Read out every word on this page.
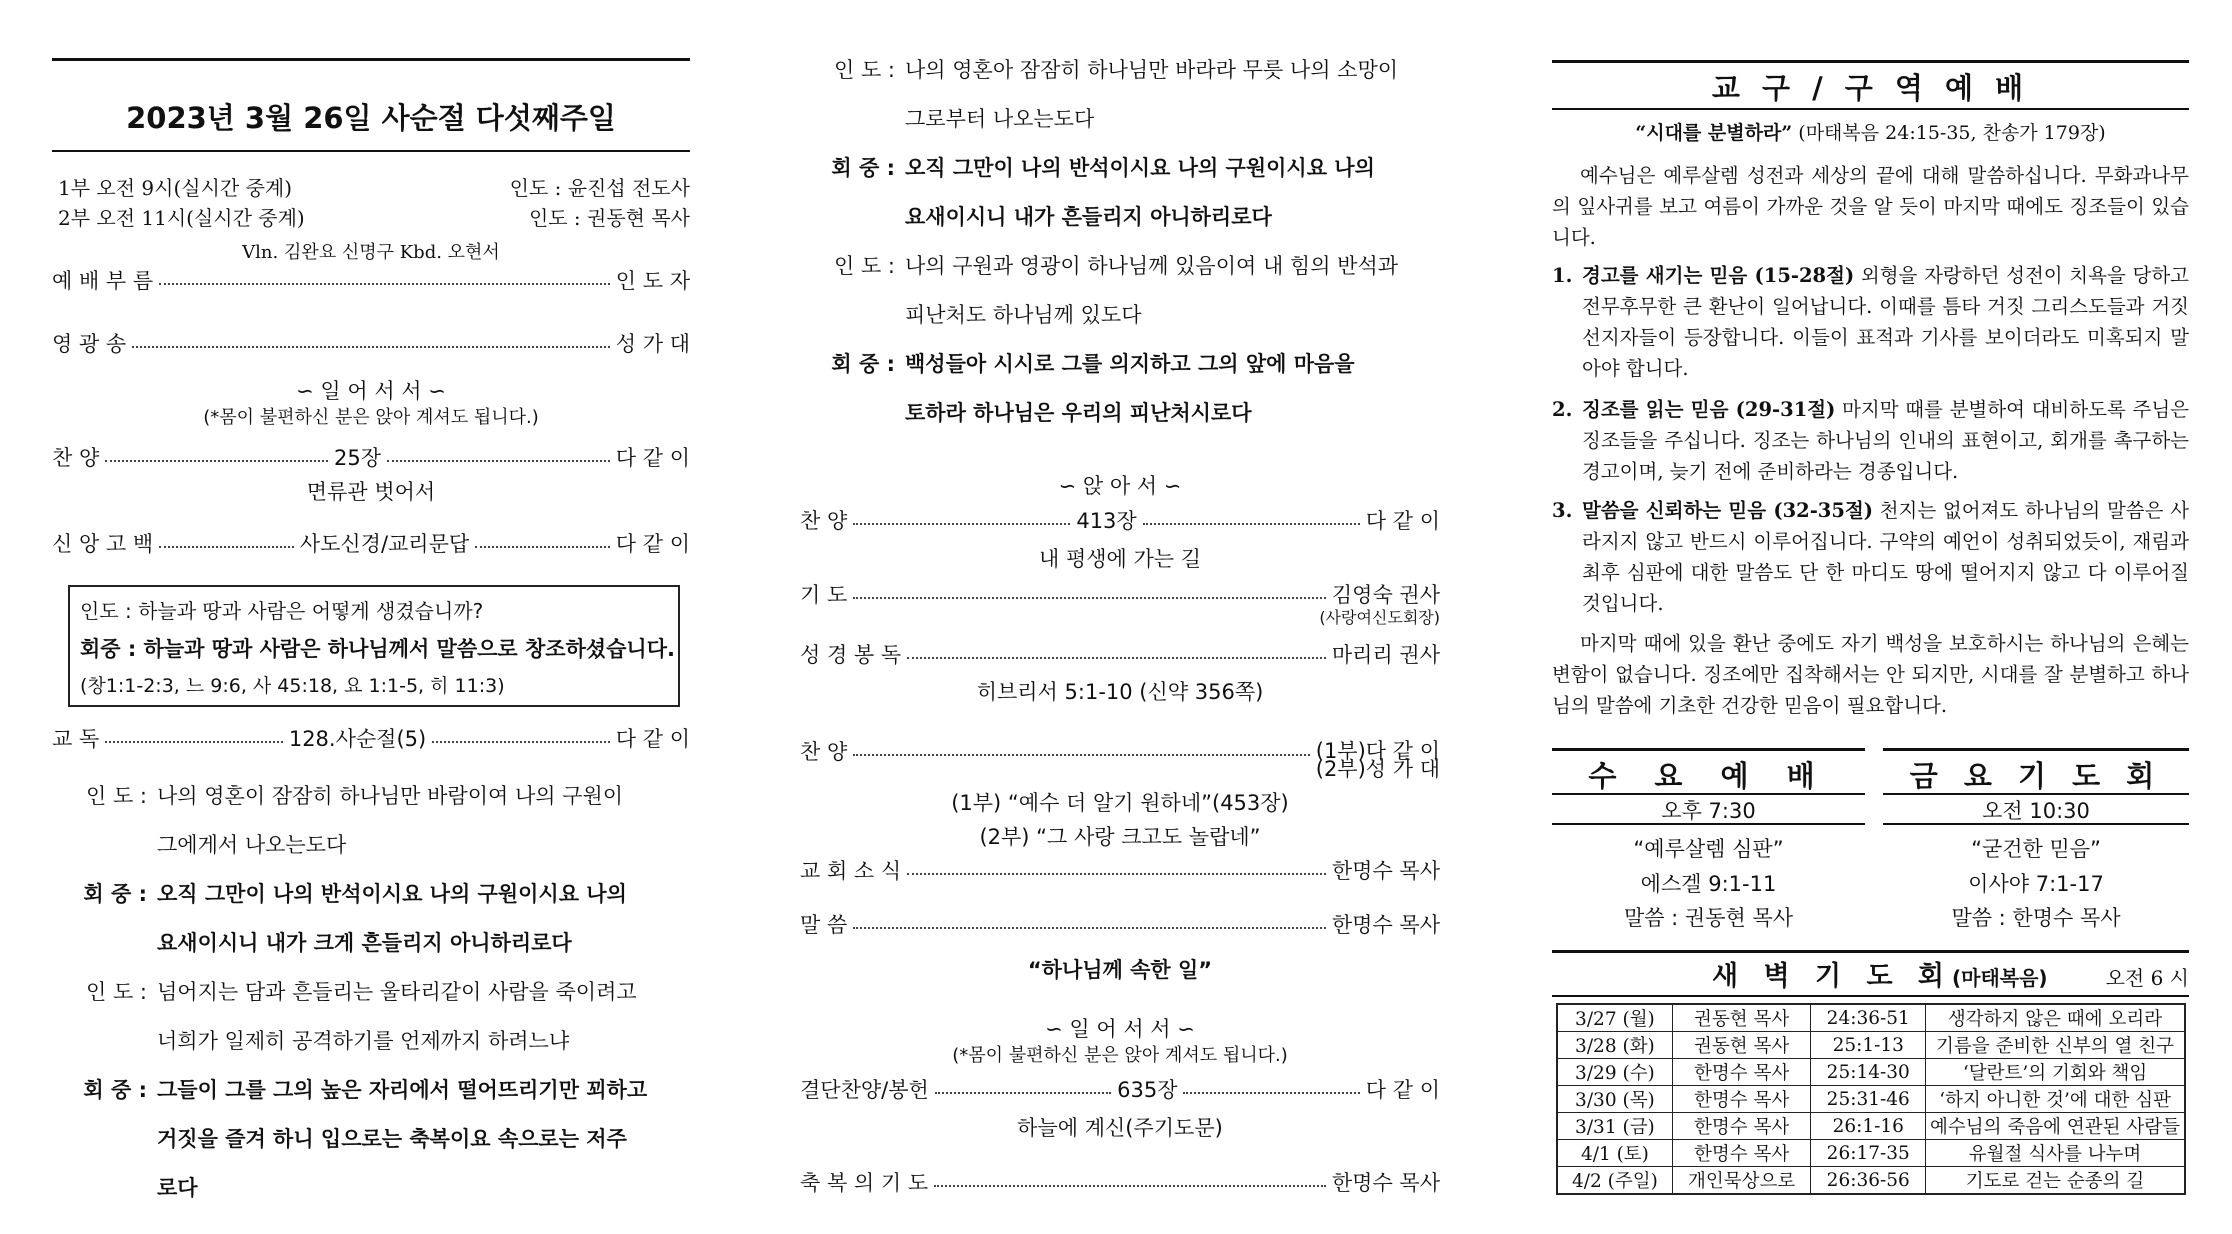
2023년 3월 26일 사순절 다섯째주일
1부 오전 9시(실시간 중계)	인도 : 윤진섭 전도사
2부 오전 11시(실시간 중계)	인도 : 권동현 목사
Vln. 김완요 신명구 Kbd. 오현서
예 배 부 름	인 도 자
영 광 송	성 가 대
∽ 일 어 서 서 ∽
(*몸이 불편하신 분은 앉아 계셔도 됩니다.)
찬 양	25장	다 같 이
면류관 벗어서
신 앙 고 백	사도신경/교리문답	다 같 이
인도 : 하늘과 땅과 사람은 어떻게 생겼습니까?
회중 : 하늘과 땅과 사람은 하나님께서 말씀으로 창조하셨습니다.
(창1:1-2:3, 느 9:6, 사 45:18, 요 1:1-5, 히 11:3)
교 독	128.사순절(5)	다 같 이
인 도 : 나의 영혼이 잠잠히 하나님만 바람이여 나의 구원이
그에게서 나오는도다
회 중 : 오직 그만이 나의 반석이시요 나의 구원이시요 나의
요새이시니 내가 크게 흔들리지 아니하리로다
인 도 : 넘어지는 담과 흔들리는 울타리같이 사람을 죽이려고
너희가 일제히 공격하기를 언제까지 하려느냐
회 중 : 그들이 그를 그의 높은 자리에서 떨어뜨리기만 꾀하고
거짓을 즐겨 하니 입으로는 축복이요 속으로는 저주
로다
인 도 : 나의 영혼아 잠잠히 하나님만 바라라 무릇 나의 소망이
그로부터 나오는도다
회 중 : 오직 그만이 나의 반석이시요 나의 구원이시요 나의
요새이시니 내가 흔들리지 아니하리로다
인 도 : 나의 구원과 영광이 하나님께 있음이여 내 힘의 반석과
피난처도 하나님께 있도다
회 중 : 백성들아 시시로 그를 의지하고 그의 앞에 마음을
토하라 하나님은 우리의 피난처시로다
∽ 앉 아 서 ∽
찬 양	413장	다 같 이
내 평생에 가는 길
기 도	김영숙 권사
(사랑여신도회장)
성 경 봉 독	마리리 권사
히브리서 5:1-10 (신약 356쪽)
찬 양	(1부)다 같 이
(2부)성 가 대
(1부) “예수 더 알기 원하네”(453장)
(2부) “그 사랑 크고도 놀랍네”
교 회 소 식	한명수 목사
말 씀	한명수 목사
“하나님께 속한 일”
∽ 일 어 서 서 ∽
(*몸이 불편하신 분은 앉아 계셔도 됩니다.)
결단찬양/봉헌	635장	다 같 이
하늘에 계신(주기도문)
축 복 의 기 도	한명수 목사
교 구 / 구 역 예 배
“시대를 분별하라” (마태복음 24:15-35, 찬송가 179장)
예수님은 예루살렘 성전과 세상의 끝에 대해 말씀하십니다. 무화과나무의 잎사귀를 보고 여름이 가까운 것을 알 듯이 마지막 때에도 징조들이 있습니다.
1. 경고를 새기는 믿음 (15-28절) 외형을 자랑하던 성전이 치욕을 당하고 전무후무한 큰 환난이 일어납니다. 이때를 틈타 거짓 그리스도들과 거짓 선지자들이 등장합니다. 이들이 표적과 기사를 보이더라도 미혹되지 말아야 합니다.
2. 징조를 읽는 믿음 (29-31절) 마지막 때를 분별하여 대비하도록 주님은 징조들을 주십니다. 징조는 하나님의 인내의 표현이고, 회개를 촉구하는 경고이며, 늦기 전에 준비하라는 경종입니다.
3. 말씀을 신뢰하는 믿음 (32-35절) 천지는 없어져도 하나님의 말씀은 사라지지 않고 반드시 이루어집니다. 구약의 예언이 성취되었듯이, 재림과 최후 심판에 대한 말씀도 단 한 마디도 땅에 떨어지지 않고 다 이루어질 것입니다.
마지막 때에 있을 환난 중에도 자기 백성을 보호하시는 하나님의 은혜는 변함이 없습니다. 징조에만 집착해서는 안 되지만, 시대를 잘 분별하고 하나님의 말씀에 기초한 건강한 믿음이 필요합니다.
수 요 예 배	금 요 기 도 회
오후 7:30	오전 10:30
“예루살렘 심판”	“굳건한 믿음”
에스겔 9:1-11	이사야 7:1-17
말씀 : 권동현 목사	말씀 : 한명수 목사
새 벽 기 도 회(마태복음)	오전 6 시
3/27 (월)	권동현 목사	24:36-51	생각하지 않은 때에 오리라
3/28 (화)	권동현 목사	25:1-13	기름을 준비한 신부의 열 친구
3/29 (수)	한명수 목사	25:14-30	‘달란트’의 기회와 책임
3/30 (목)	한명수 목사	25:31-46	‘하지 아니한 것’에 대한 심판
3/31 (금)	한명수 목사	26:1-16	예수님의 죽음에 연관된 사람들
4/1 (토)	한명수 목사	26:17-35	유월절 식사를 나누며
4/2 (주일)	개인묵상으로	26:36-56	기도로 걷는 순종의 길
